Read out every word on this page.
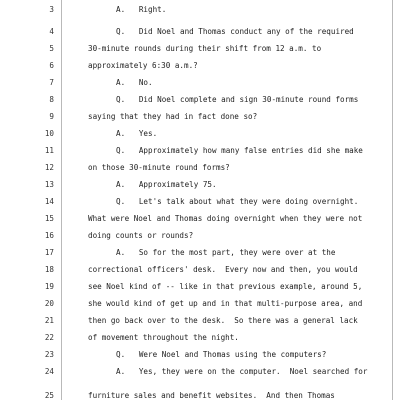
3	A.   Right.
4	Q.   Did Noel and Thomas conduct any of the required
5	30-minute rounds during their shift from 12 a.m. to
6	approximately 6:30 a.m.?
7	A.   No.
8	Q.   Did Noel complete and sign 30-minute round forms
9	saying that they had in fact done so?
10	A.   Yes.
11	Q.   Approximately how many false entries did she make
12	on those 30-minute round forms?
13	A.   Approximately 75.
14	Q.   Let's talk about what they were doing overnight.
15	What were Noel and Thomas doing overnight when they were not
16	doing counts or rounds?
17	A.   So for the most part, they were over at the
18	correctional officers' desk.  Every now and then, you would
19	see Noel kind of -- like in that previous example, around 5,
20	she would kind of get up and in that multi-purpose area, and
21	then go back over to the desk.  So there was a general lack
22	of movement throughout the night.
23	Q.   Were Noel and Thomas using the computers?
24	A.   Yes, they were on the computer.  Noel searched for
25	furniture sales and benefit websites.  And then Thomas
